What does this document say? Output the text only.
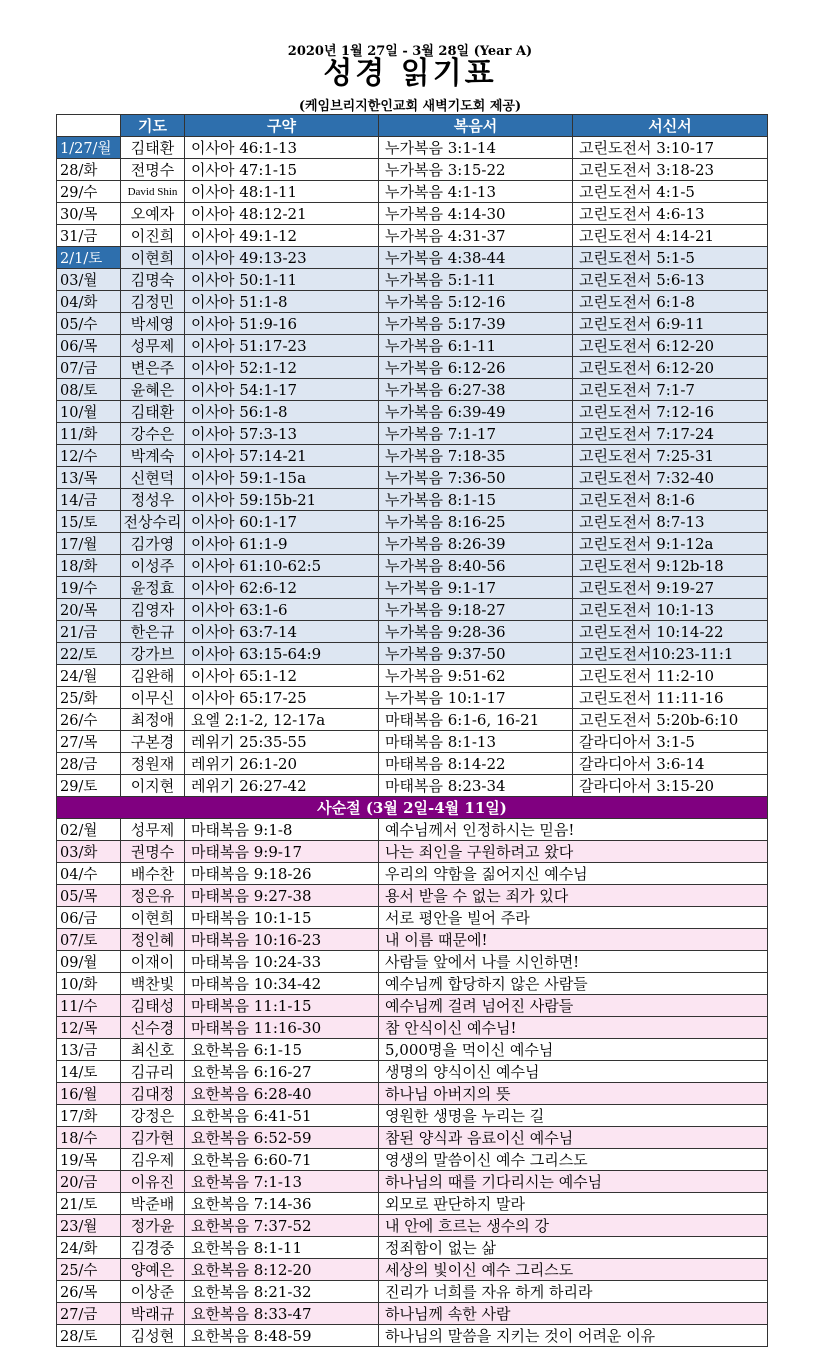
2020년 1월 27일 - 3월 28일 (Year A)
성경 읽기표
(케임브리지한인교회 새벽기도회 제공)
	기도	구약	복음서	서신서
1/27/월	김태환	이사아 46:1-13	누가복음 3:1-14	고린도전서 3:10-17
28/화	전명수	이사아 47:1-15	누가복음 3:15-22	고린도전서 3:18-23
29/수	David Shin	이사아 48:1-11	누가복음 4:1-13	고린도전서 4:1-5
30/목	오예자	이사아 48:12-21	누가복음 4:14-30	고린도전서 4:6-13
31/금	이진희	이사아 49:1-12	누가복음 4:31-37	고린도전서 4:14-21
2/1/토	이현희	이사아 49:13-23	누가복음 4:38-44	고린도전서 5:1-5
03/월	김명숙	이사아 50:1-11	누가복음 5:1-11	고린도전서 5:6-13
04/화	김정민	이사아 51:1-8	누가복음 5:12-16	고린도전서 6:1-8
05/수	박세영	이사아 51:9-16	누가복음 5:17-39	고린도전서 6:9-11
06/목	성무제	이사아 51:17-23	누가복음 6:1-11	고린도전서 6:12-20
07/금	변은주	이사아 52:1-12	누가복음 6:12-26	고린도전서 6:12-20
08/토	윤혜은	이사아 54:1-17	누가복음 6:27-38	고린도전서 7:1-7
10/월	김태환	이사아 56:1-8	누가복음 6:39-49	고린도전서 7:12-16
11/화	강수은	이사아 57:3-13	누가복음 7:1-17	고린도전서 7:17-24
12/수	박계숙	이사아 57:14-21	누가복음 7:18-35	고린도전서 7:25-31
13/목	신현덕	이사아 59:1-15a	누가복음 7:36-50	고린도전서 7:32-40
14/금	정성우	이사아 59:15b-21	누가복음 8:1-15	고린도전서 8:1-6
15/토	전상수리	이사아 60:1-17	누가복음 8:16-25	고린도전서 8:7-13
17/월	김가영	이사아 61:1-9	누가복음 8:26-39	고린도전서 9:1-12a
18/화	이성주	이사아 61:10-62:5	누가복음 8:40-56	고린도전서 9:12b-18
19/수	윤정효	이사아 62:6-12	누가복음 9:1-17	고린도전서 9:19-27
20/목	김영자	이사아 63:1-6	누가복음 9:18-27	고린도전서 10:1-13
21/금	한은규	이사아 63:7-14	누가복음 9:28-36	고린도전서 10:14-22
22/토	강가브	이사아 63:15-64:9	누가복음 9:37-50	고린도전서10:23-11:1
24/월	김완해	이사아 65:1-12	누가복음 9:51-62	고린도전서 11:2-10
25/화	이무신	이사아 65:17-25	누가복음 10:1-17	고린도전서 11:11-16
26/수	최정애	요엘 2:1-2, 12-17a	마태복음 6:1-6, 16-21	고린도전서 5:20b-6:10
27/목	구본경	레위기 25:35-55	마태복음 8:1-13	갈라디아서 3:1-5
28/금	정원재	레위기 26:1-20	마태복음 8:14-22	갈라디아서 3:6-14
29/토	이지현	레위기 26:27-42	마태복음 8:23-34	갈라디아서 3:15-20
사순절 (3월 2일-4월 11일)				
02/월	성무제	마태복음 9:1-8	예수님께서 인정하시는 믿음!	
03/화	권명수	마태복음 9:9-17	나는 죄인을 구원하려고 왔다	
04/수	배수찬	마태복음 9:18-26	우리의 약함을 짊어지신 예수님	
05/목	정은유	마태복음 9:27-38	용서 받을 수 없는 죄가 있다	
06/금	이현희	마태복음 10:1-15	서로 평안을 빌어 주라	
07/토	정인혜	마태복음 10:16-23	내 이름 때문에!	
09/월	이재이	마태복음 10:24-33	사람들 앞에서 나를 시인하면!	
10/화	백찬빛	마태복음 10:34-42	예수님께 합당하지 않은 사람들	
11/수	김태성	마태복음 11:1-15	예수님께 걸려 넘어진 사람들	
12/목	신수경	마태복음 11:16-30	참 안식이신 예수님!	
13/금	최신호	요한복음 6:1-15	5,000명을 먹이신 예수님	
14/토	김규리	요한복음 6:16-27	생명의 양식이신 예수님	
16/월	김대정	요한복음 6:28-40	하나님 아버지의 뜻	
17/화	강정은	요한복음 6:41-51	영원한 생명을 누리는 길	
18/수	김가현	요한복음 6:52-59	참된 양식과 음료이신 예수님	
19/목	김우제	요한복음 6:60-71	영생의 말씀이신 예수 그리스도	
20/금	이유진	요한복음 7:1-13	하나님의 때를 기다리시는 예수님	
21/토	박준배	요한복음 7:14-36	외모로 판단하지 말라	
23/월	정가윤	요한복음 7:37-52	내 안에 흐르는 생수의 강	
24/화	김경중	요한복음 8:1-11	정죄함이 없는 삶	
25/수	양예은	요한복음 8:12-20	세상의 빛이신 예수 그리스도	
26/목	이상준	요한복음 8:21-32	진리가 너희를 자유 하게 하리라	
27/금	박래규	요한복음 8:33-47	하나님께 속한 사람	
28/토	김성현	요한복음 8:48-59	하나님의 말씀을 지키는 것이 어려운 이유	
